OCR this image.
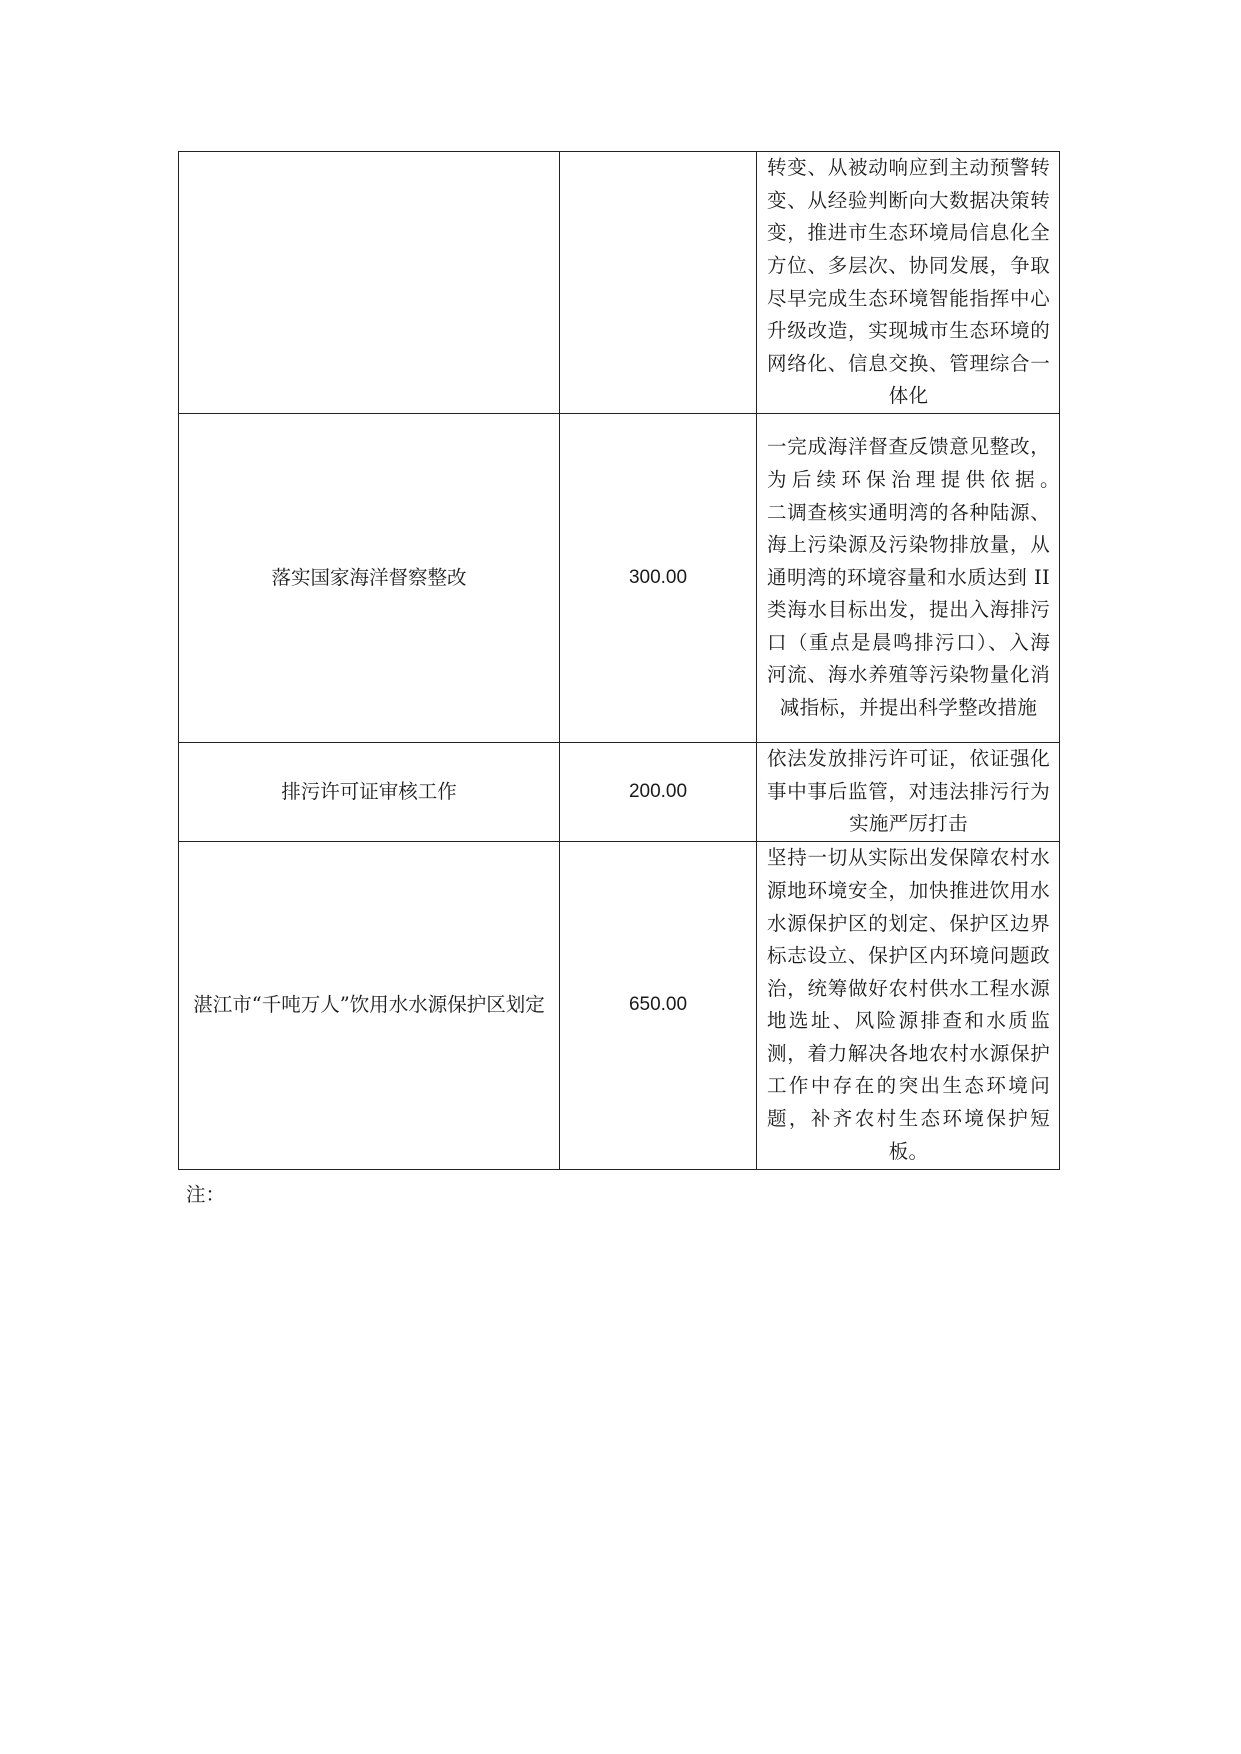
		转变、从被动响应到主动预警转变、从经验判断向大数据决策转变，推进市生态环境局信息化全方位、多层次、协同发展，争取尽早完成生态环境智能指挥中心升级改造，实现城市生态环境的网络化、信息交换、管理综合一体化
落实国家海洋督察整改	300.00	一完成海洋督查反馈意见整改，为后续环保治理提供依据。　　二调查核实通明湾的各种陆源、海上污染源及污染物排放量，从通明湾的环境容量和水质达到 II 类海水目标出发，提出入海排污口（重点是晨鸣排污口）、入海河流、海水养殖等污染物量化消减指标，并提出科学整改措施
排污许可证审核工作	200.00	依法发放排污许可证，依证强化事中事后监管，对违法排污行为实施严厉打击
湛江市“千吨万人”饮用水水源保护区划定	650.00	坚持一切从实际出发保障农村水源地环境安全，加快推进饮用水水源保护区的划定、保护区边界标志设立、保护区内环境问题政治，统筹做好农村供水工程水源地选址、风险源排查和水质监测，着力解决各地农村水源保护工作中存在的突出生态环境问题，补齐农村生态环境保护短板。
注：
